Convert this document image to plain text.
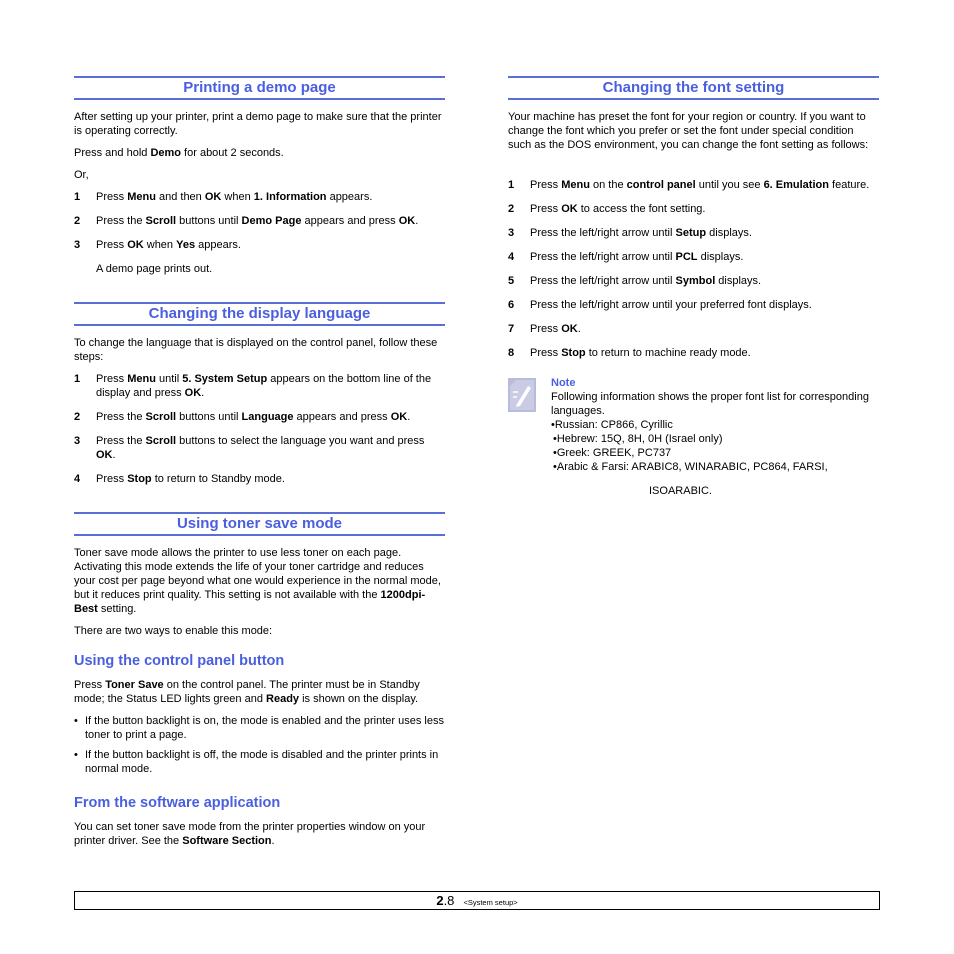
Printing a demo page

After setting up your printer, print a demo page to make sure that the printer is operating correctly.

Press and hold Demo for about 2 seconds.

Or,

1 Press Menu and then OK when 1. Information appears.
2 Press the Scroll buttons until Demo Page appears and press OK.
3 Press OK when Yes appears.

A demo page prints out.

Changing the display language

To change the language that is displayed on the control panel, follow these steps:

1 Press Menu until 5. System Setup appears on the bottom line of the display and press OK.
2 Press the Scroll buttons until Language appears and press OK.
3 Press the Scroll buttons to select the language you want and press OK.
4 Press Stop to return to Standby mode.
Using toner save mode

Toner save mode allows the printer to use less toner on each page. Activating this mode extends the life of your toner cartridge and reduces your cost per page beyond what one would experience in the normal mode, but it reduces print quality. This setting is not available with the 1200dpi-Best setting.

There are two ways to enable this mode:

Using the control panel button

Press Toner Save on the control panel. The printer must be in Standby mode; the Status LED lights green and Ready is shown on the display.

• If the button backlight is on, the mode is enabled and the printer uses less toner to print a page.
• If the button backlight is off, the mode is disabled and the printer prints in normal mode.
From the software application

You can set toner save mode from the printer properties window on your printer driver. See the Software Section.

Changing the font setting

Your machine has preset the font for your region or country. If you want to change the font which you prefer or set the font under special condition such as the DOS environment, you can change the font setting as follows:

1 Press Menu on the control panel until you see 6. Emulation feature.
2 Press OK to access the font setting.
3 Press the left/right arrow until Setup displays.
4 Press the left/right arrow until PCL displays.
5 Press the left/right arrow until Symbol displays.
6 Press the left/right arrow until your preferred font displays.
7 Press OK.
8 Press Stop to return to machine ready mode.
Note
Following information shows the proper font list for corresponding languages.
•Russian: CP866, Cyrillic
•Hebrew: 15Q, 8H, 0H (Israel only)
•Greek: GREEK, PC737
•Arabic & Farsi: ARABIC8, WINARABIC, PC864, FARSI,
ISOARABIC.
2.8 <System setup>
